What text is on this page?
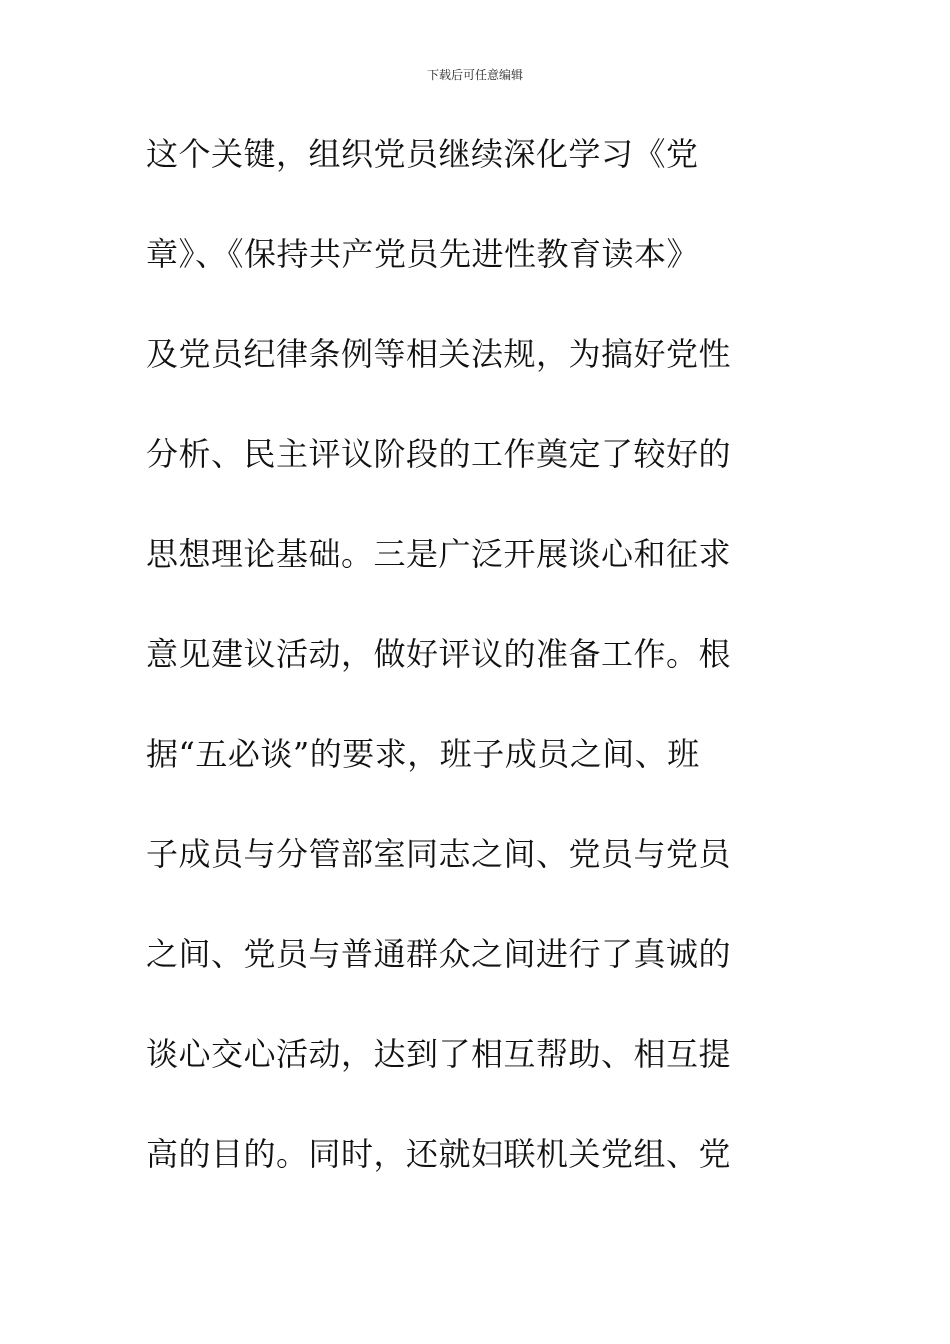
下载后可任意编辑
这个关键，组织党员继续深化学习《党
章》、《保持共产党员先进性教育读本》
及党员纪律条例等相关法规，为搞好党性
分析、民主评议阶段的工作奠定了较好的
思想理论基础。三是广泛开展谈心和征求
意见建议活动，做好评议的准备工作。根
据“五必谈”的要求，班子成员之间、班
子成员与分管部室同志之间、党员与党员
之间、党员与普通群众之间进行了真诚的
谈心交心活动，达到了相互帮助、相互提
高的目的。同时，还就妇联机关党组、党
